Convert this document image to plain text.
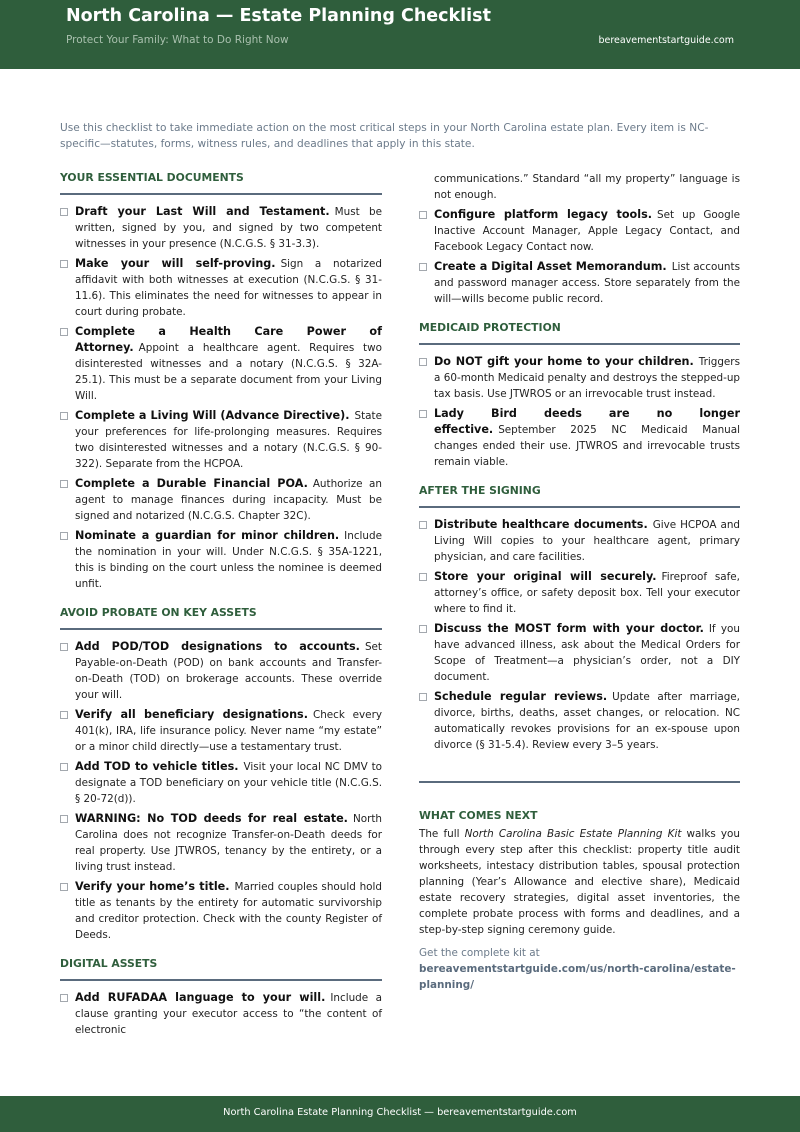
North Carolina — Estate Planning Checklist
Protect Your Family: What to Do Right Now	bereavementstartguide.com
Use this checklist to take immediate action on the most critical steps in your North Carolina estate plan. Every item is NC-specific—statutes, forms, witness rules, and deadlines that apply in this state.
YOUR ESSENTIAL DOCUMENTS
Draft your Last Will and Testament. Must be written, signed by you, and signed by two competent witnesses in your presence (N.C.G.S. § 31-3.3).
Make your will self-proving. Sign a notarized affidavit with both witnesses at execution (N.C.G.S. § 31-11.6). This eliminates the need for witnesses to appear in court during probate.
Complete a Health Care Power of Attorney. Appoint a healthcare agent. Requires two disinterested witnesses and a notary (N.C.G.S. § 32A-25.1). This must be a separate document from your Living Will.
Complete a Living Will (Advance Directive). State your preferences for life-prolonging measures. Requires two disinterested witnesses and a notary (N.C.G.S. § 90-322). Separate from the HCPOA.
Complete a Durable Financial POA. Authorize an agent to manage finances during incapacity. Must be signed and notarized (N.C.G.S. Chapter 32C).
Nominate a guardian for minor children. Include the nomination in your will. Under N.C.G.S. § 35A-1221, this is binding on the court unless the nominee is deemed unfit.
AVOID PROBATE ON KEY ASSETS
Add POD/TOD designations to accounts. Set Payable-on-Death (POD) on bank accounts and Transfer-on-Death (TOD) on brokerage accounts. These override your will.
Verify all beneficiary designations. Check every 401(k), IRA, life insurance policy. Never name “my estate” or a minor child directly—use a testamentary trust.
Add TOD to vehicle titles. Visit your local NC DMV to designate a TOD beneficiary on your vehicle title (N.C.G.S. § 20-72(d)).
WARNING: No TOD deeds for real estate. North Carolina does not recognize Transfer-on-Death deeds for real property. Use JTWROS, tenancy by the entirety, or a living trust instead.
Verify your home’s title. Married couples should hold title as tenants by the entirety for automatic survivorship and creditor protection. Check with the county Register of Deeds.
DIGITAL ASSETS
Add RUFADAA language to your will. Include a clause granting your executor access to “the content of electronic
communications.” Standard “all my property” language is not enough.
Configure platform legacy tools. Set up Google Inactive Account Manager, Apple Legacy Contact, and Facebook Legacy Contact now.
Create a Digital Asset Memorandum. List accounts and password manager access. Store separately from the will—wills become public record.
MEDICAID PROTECTION
Do NOT gift your home to your children. Triggers a 60-month Medicaid penalty and destroys the stepped-up tax basis. Use JTWROS or an irrevocable trust instead.
Lady Bird deeds are no longer effective. September 2025 NC Medicaid Manual changes ended their use. JTWROS and irrevocable trusts remain viable.
AFTER THE SIGNING
Distribute healthcare documents. Give HCPOA and Living Will copies to your healthcare agent, primary physician, and care facilities.
Store your original will securely. Fireproof safe, attorney’s office, or safety deposit box. Tell your executor where to find it.
Discuss the MOST form with your doctor. If you have advanced illness, ask about the Medical Orders for Scope of Treatment—a physician’s order, not a DIY document.
Schedule regular reviews. Update after marriage, divorce, births, deaths, asset changes, or relocation. NC automatically revokes provisions for an ex-spouse upon divorce (§ 31-5.4). Review every 3–5 years.
WHAT COMES NEXT
The full North Carolina Basic Estate Planning Kit walks you through every step after this checklist: property title audit worksheets, intestacy distribution tables, spousal protection planning (Year’s Allowance and elective share), Medicaid estate recovery strategies, digital asset inventories, the complete probate process with forms and deadlines, and a step-by-step signing ceremony guide.
Get the complete kit at
bereavementstartguide.com/us/north-carolina/estate-planning/
North Carolina Estate Planning Checklist — bereavementstartguide.com
